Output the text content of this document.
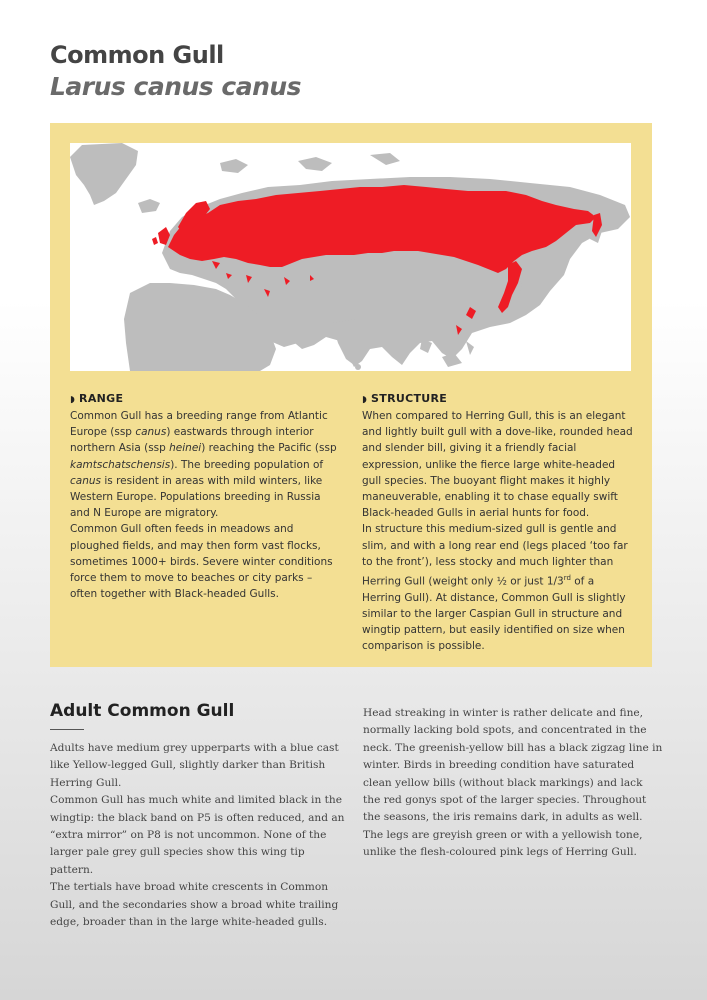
Common Gull
Larus canus canus
◗ RANGE

Common Gull has a breeding range from Atlantic Europe (ssp canus) eastwards through interior northern Asia (ssp heinei) reaching the Pacific (ssp kamtschatschensis). The breeding population of canus is resident in areas with mild winters, like Western Europe. Populations breeding in Russia and N Europe are migratory.

Common Gull often feeds in meadows and ploughed fields, and may then form vast flocks, sometimes 1000+ birds. Severe winter conditions force them to move to beaches or city parks – often together with Black-headed Gulls.

◗ STRUCTURE

When compared to Herring Gull, this is an elegant and lightly built gull with a dove-like, rounded head and slender bill, giving it a friendly facial expression, unlike the fierce large white-headed gull species. The buoyant flight makes it highly maneuverable, enabling it to chase equally swift Black-headed Gulls in aerial hunts for food.

In structure this medium-sized gull is gentle and slim, and with a long rear end (legs placed ‘too far to the front’), less stocky and much lighter than Herring Gull (weight only ½ or just 1/3rd of a Herring Gull). At distance, Common Gull is slightly similar to the larger Caspian Gull in structure and wingtip pattern, but easily identified on size when comparison is possible.

Adult Common Gull

Adults have medium grey upperparts with a blue cast like Yellow-legged Gull, slightly darker than British Herring Gull.

Common Gull has much white and limited black in the wingtip: the black band on P5 is often reduced, and an “extra mirror” on P8 is not uncommon. None of the larger pale grey gull species show this wing tip pattern.

The tertials have broad white crescents in Common Gull, and the secondaries show a broad white trailing edge, broader than in the large white-headed gulls.

Head streaking in winter is rather delicate and fine, normally lacking bold spots, and concentrated in the neck. The greenish-yellow bill has a black zigzag line in winter. Birds in breeding condition have saturated clean yellow bills (without black markings) and lack the red gonys spot of the larger species. Throughout the seasons, the iris remains dark, in adults as well.

The legs are greyish green or with a yellowish tone, unlike the flesh-coloured pink legs of Herring Gull.
